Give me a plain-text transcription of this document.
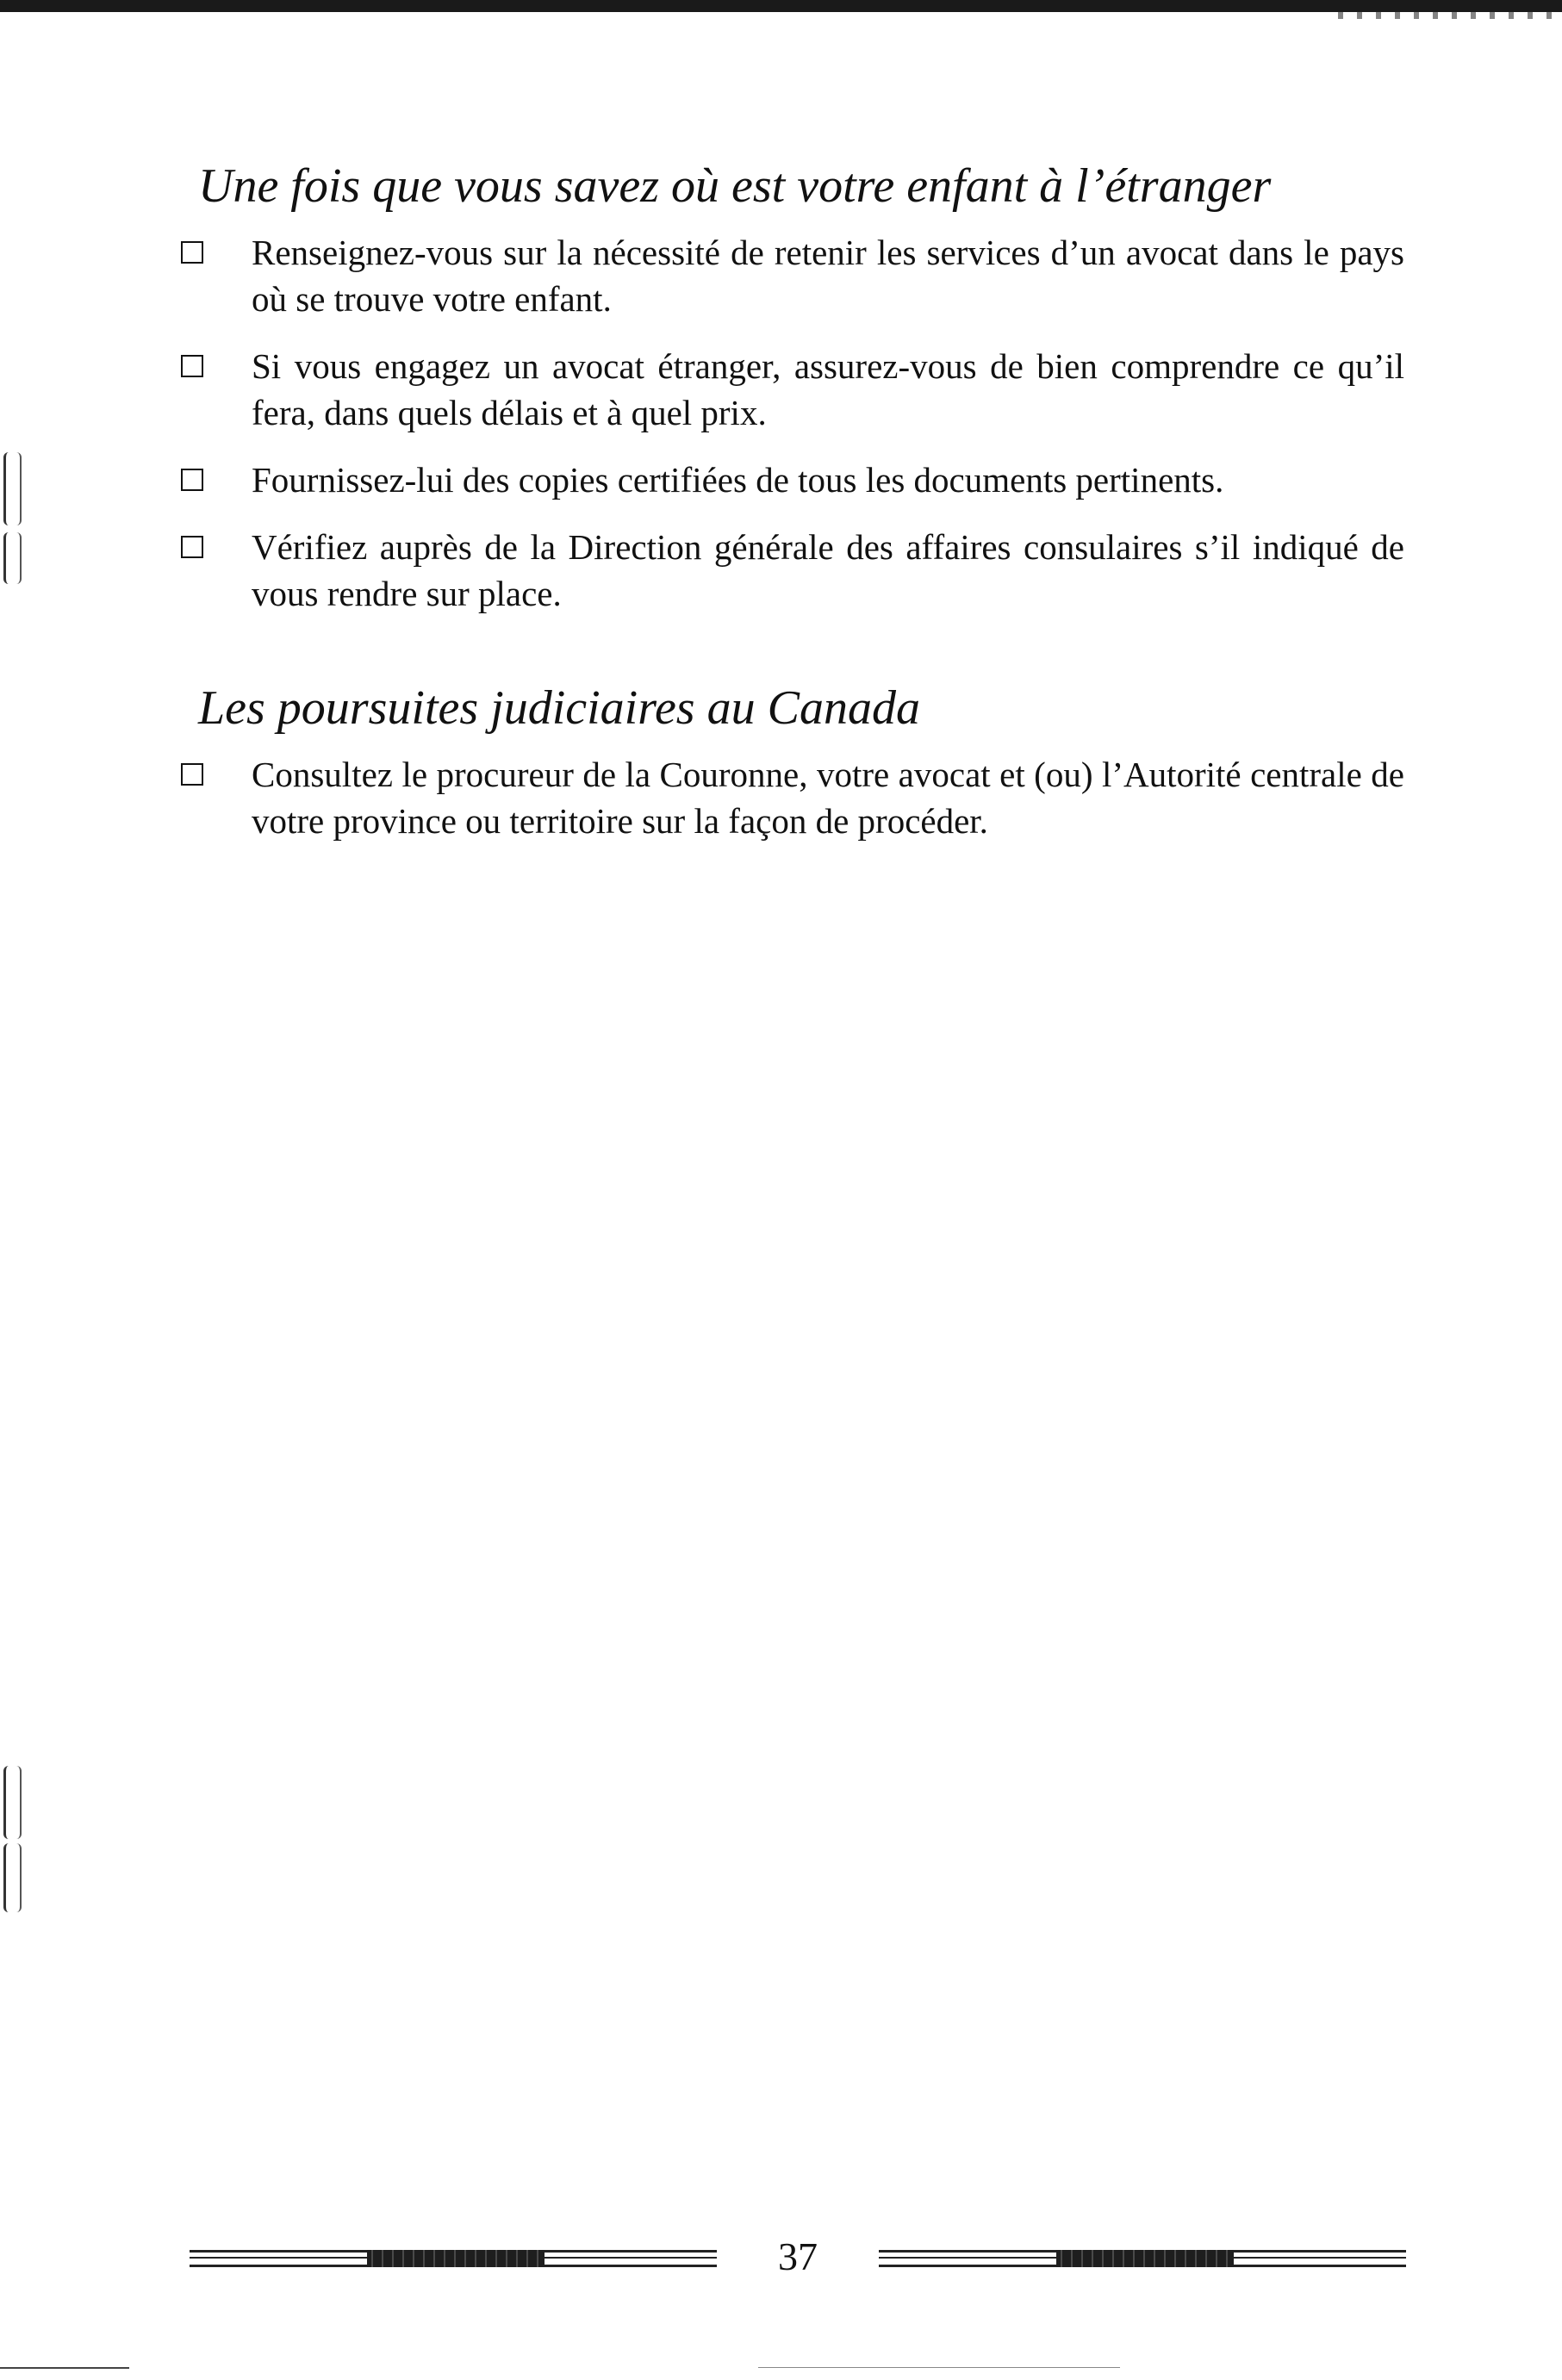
Une fois que vous savez où est votre enfant à l’étranger
Renseignez-vous sur la nécessité de retenir les services d’un avocat dans le pays où se trouve votre enfant.
Si vous engagez un avocat étranger, assurez-vous de bien comprendre ce qu’il fera, dans quels délais et à quel prix.
Fournissez-lui des copies certifiées de tous les documents pertinents.
Vérifiez auprès de la Direction générale des affaires consulaires s’il indiqué de vous rendre sur place.
Les poursuites judiciaires au Canada
Consultez le procureur de la Couronne, votre avocat et (ou) l’Autorité centrale de votre province ou territoire sur la façon de procéder.
37
